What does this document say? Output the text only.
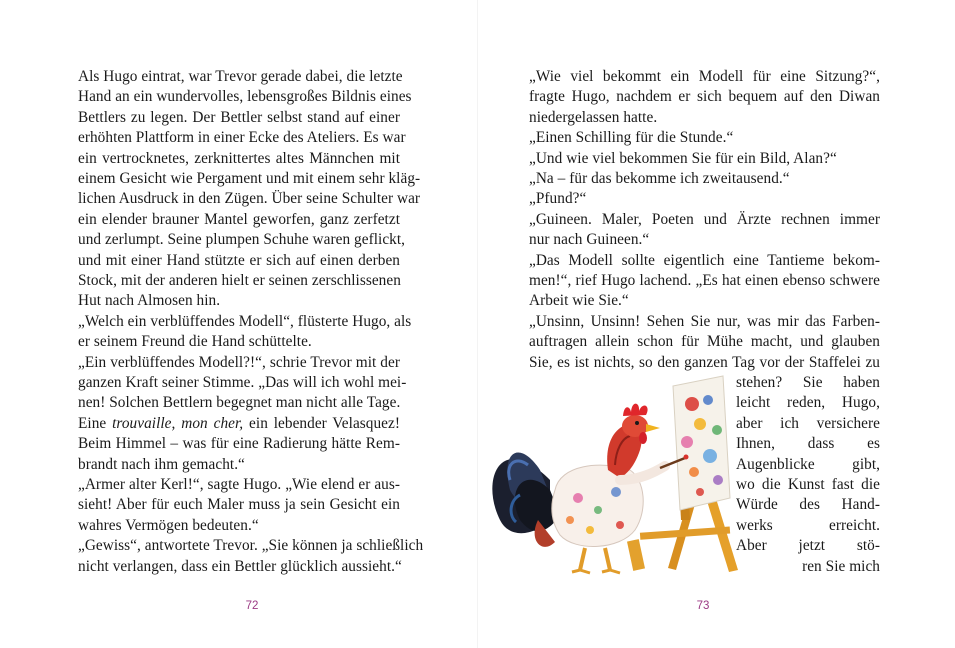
Als Hugo eintrat, war Trevor gerade dabei, die letzte

Hand an ein wundervolles, lebensgroßes Bildnis eines

Bettlers zu legen. Der Bettler selbst stand auf einer

erhöhten Plattform in einer Ecke des Ateliers. Es war

ein vertrocknetes, zerknittertes altes Männchen mit

einem Gesicht wie Pergament und mit einem sehr kläg-

lichen Ausdruck in den Zügen. Über seine Schulter war

ein elender brauner Mantel geworfen, ganz zerfetzt

und zerlumpt. Seine plumpen Schuhe waren geflickt,

und mit einer Hand stützte er sich auf einen derben

Stock, mit der anderen hielt er seinen zerschlissenen

Hut nach Almosen hin.

„Welch ein verblüffendes Modell“, flüsterte Hugo, als

er seinem Freund die Hand schüttelte.

„Ein verblüffendes Modell?!“, schrie Trevor mit der

ganzen Kraft seiner Stimme. „Das will ich wohl mei-

nen! Solchen Bettlern begegnet man nicht alle Tage.

Eine trouvaille, mon cher, ein lebender Velasquez!

Beim Himmel – was für eine Radierung hätte Rem-

brandt nach ihm gemacht.“

„Armer alter Kerl!“, sagte Hugo. „Wie elend er aus-

sieht! Aber für euch Maler muss ja sein Gesicht ein

wahres Vermögen bedeuten.“

„Gewiss“, antwortete Trevor. „Sie können ja schließlich

nicht verlangen, dass ein Bettler glücklich aussieht.“

72

„Wie viel bekommt ein Modell für eine Sitzung?“,

fragte Hugo, nachdem er sich bequem auf den Diwan

niedergelassen hatte.

„Einen Schilling für die Stunde.“

„Und wie viel bekommen Sie für ein Bild, Alan?“

„Na – für das bekomme ich zweitausend.“

„Pfund?“

„Guineen. Maler, Poeten und Ärzte rechnen immer

nur nach Guineen.“

„Das Modell sollte eigentlich eine Tantieme bekom-

men!“, rief Hugo lachend. „Es hat einen ebenso schwere

Arbeit wie Sie.“

„Unsinn, Unsinn! Sehen Sie nur, was mir das Farben-

auftragen allein schon für Mühe macht, und glauben

Sie, es ist nichts, so den ganzen Tag vor der Staffelei zu

stehen? Sie haben

leicht reden, Hugo,

aber ich versichere

Ihnen, dass es

Augenblicke gibt,

wo die Kunst fast die

Würde des Hand-

werks erreicht.

Aber jetzt stö-

ren Sie mich

73
